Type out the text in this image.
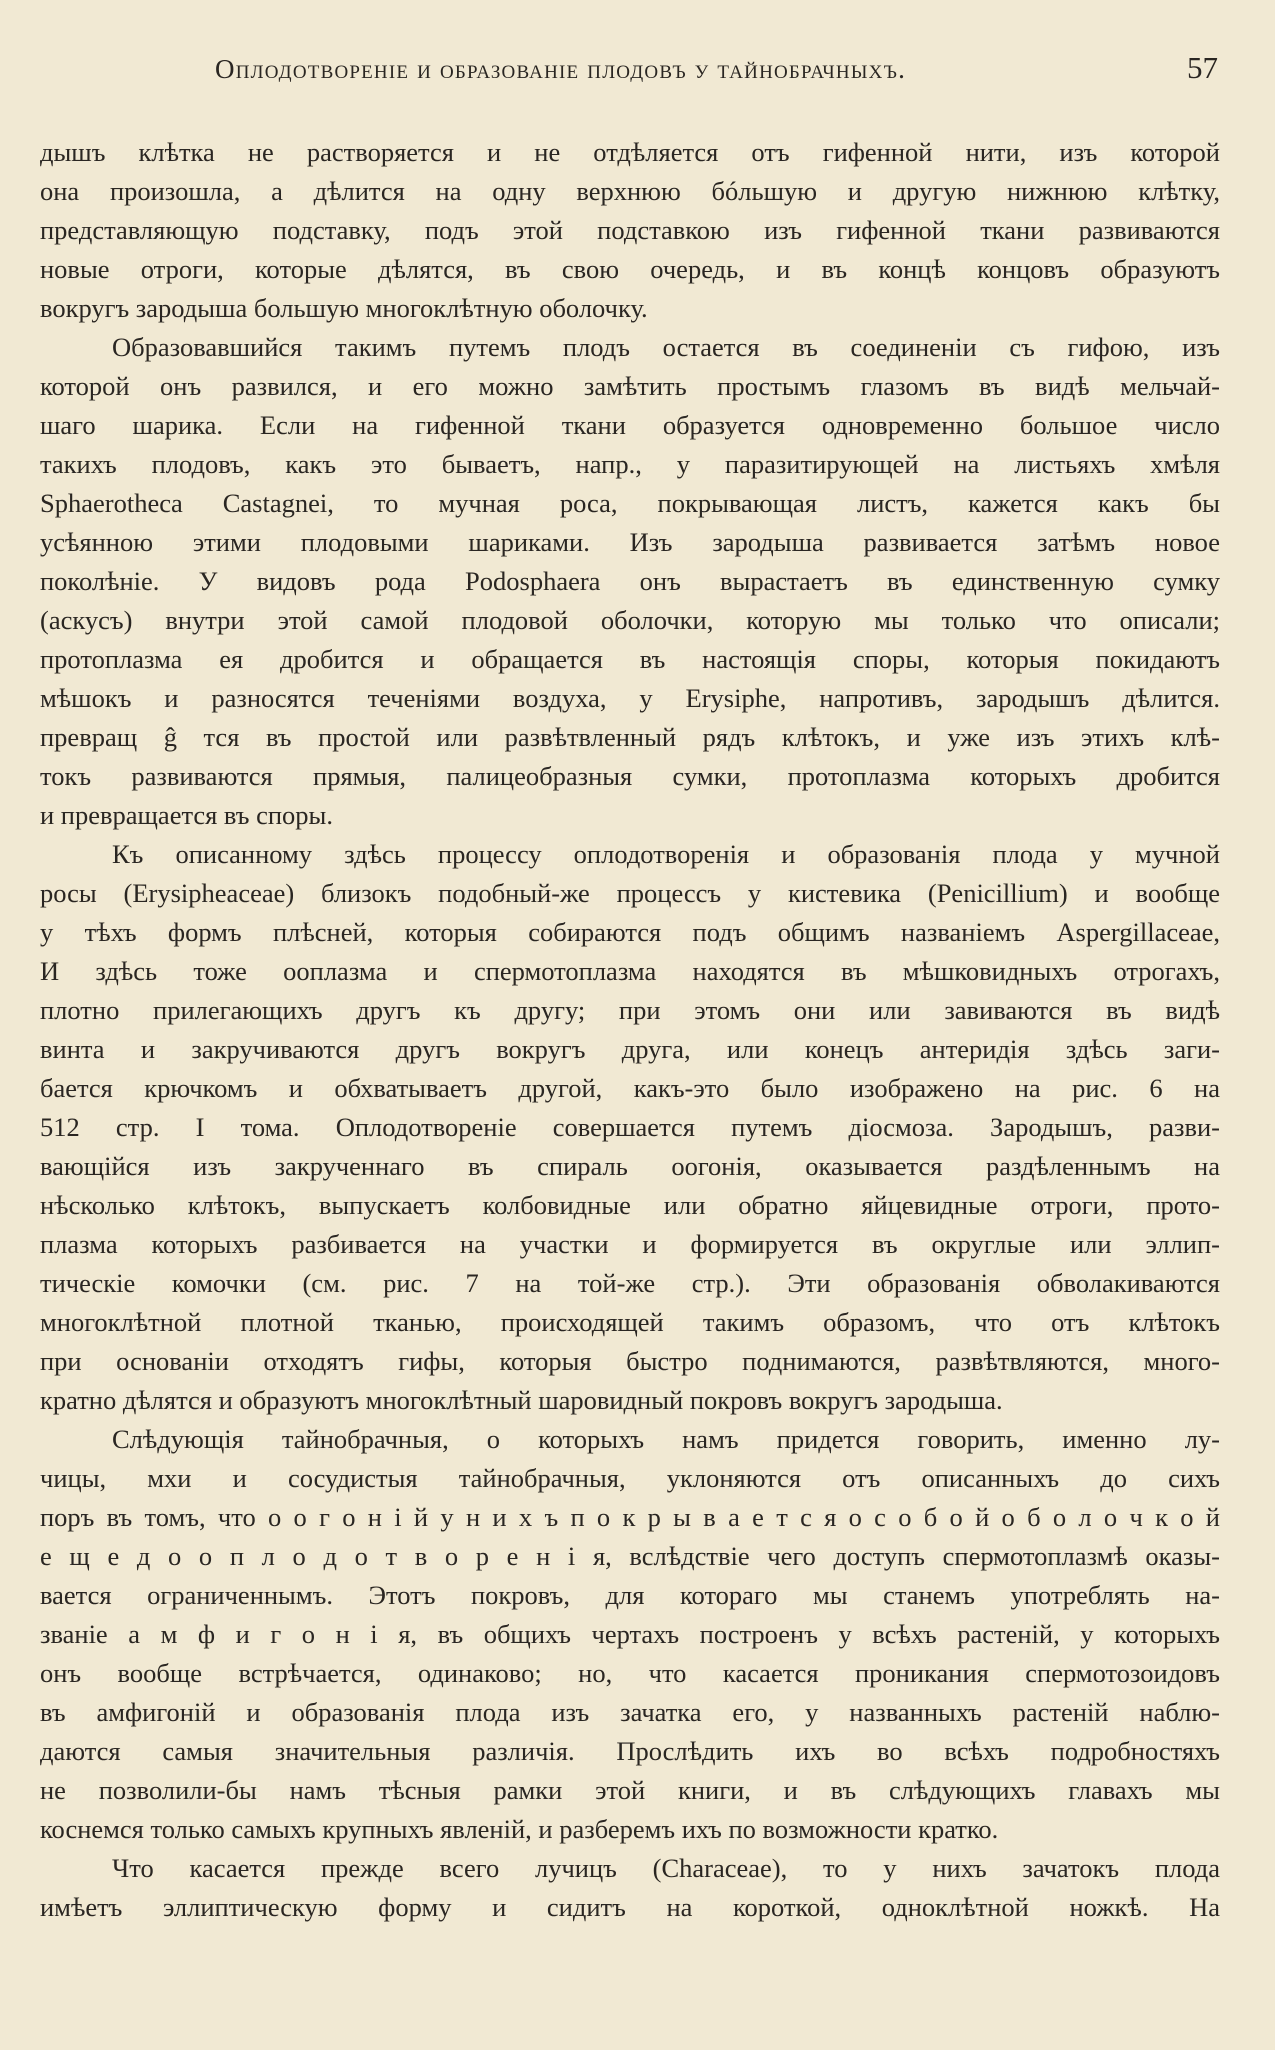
Оплодотворенiе и образованiе плодовъ у тайнобрачныхъ.	57
дышъ клѣтка не растворяется и не отдѣляется отъ гифенной нити, изъ которой
она произошла, а дѣлится на одну верхнюю бóльшую и другую нижнюю клѣтку,
представляющую подставку, подъ этой подставкою изъ гифенной ткани развиваются
новые отроги, которые дѣлятся, въ свою очередь, и въ концѣ концовъ образуютъ
вокругъ зародыша большую многоклѣтную оболочку.
Образовавшийся такимъ путемъ плодъ остается въ соединенiи съ гифою, изъ
которой онъ развился, и его можно замѣтить простымъ глазомъ въ видѣ мельчай-
шаго шарика. Если на гифенной ткани образуется одновременно большое число
такихъ плодовъ, какъ это бываетъ, напр., у паразитирующей на листьяхъ хмѣля
Sphaerotheca Castagnei, то мучная роса, покрывающая листъ, кажется какъ бы
усѣянною этими плодовыми шариками. Изъ зародыша развивается затѣмъ новое
поколѣнiе. У видовъ рода Podosphaera онъ вырастаетъ въ единственную сумку
(аскусъ) внутри этой самой плодовой оболочки, которую мы только что описали;
протоплазма ея дробится и обращается въ настоящiя споры, которыя покидаютъ
мѣшокъ и разносятся теченiями воздуха, у Erysiphe, напротивъ, зародышъ дѣлится.
превращ ĝ тся въ простой или развѣтвленный рядъ клѣтокъ, и уже изъ этихъ клѣ-
токъ развиваются прямыя, палицеобразныя сумки, протоплазма которыхъ дробится
и превращается въ споры.
Къ описанному здѣсь процессу оплодотворенiя и образованiя плода у мучной
росы (Erysipheaceae) близокъ подобный-же процессъ у кистевика (Penicillium) и вообще
у тѣхъ формъ плѣсней, которыя собираются подъ общимъ названiемъ Aspergillaceae,
И здѣсь тоже ооплазма и спермотоплазма находятся въ мѣшковидныхъ отрогахъ,
плотно прилегающихъ другъ къ другу; при этомъ они или завиваются въ видѣ
винта и закручиваются другъ вокругъ друга, или конецъ антеридiя здѣсь заги-
бается крючкомъ и обхватываетъ другой, какъ-это было изображено на рис. 6 на
512 стр. I тома. Оплодотворенiе совершается путемъ дiосмоза. Зародышъ, разви-
вающiйся изъ закрученнаго въ спираль оогонiя, оказывается раздѣленнымъ на
нѣсколько клѣтокъ, выпускаетъ колбовидные или обратно яйцевидные отроги, прото-
плазма которыхъ разбивается на участки и формируется въ округлые или эллип-
тическiе комочки (см. рис. 7 на той-же стр.). Эти образованiя обволакиваются
многоклѣтной плотной тканью, происходящей такимъ образомъ, что отъ клѣтокъ
при основанiи отходятъ гифы, которыя быстро поднимаются, развѣтвляются, много-
кратно дѣлятся и образуютъ многоклѣтный шаровидный покровъ вокругъ зародыша.
Слѣдующiя тайнобрачныя, о которыхъ намъ придется говорить, именно лу-
чицы, мхи и сосудистыя тайнобрачныя, уклоняются отъ описанныхъ до сихъ
поръ въ томъ, что о о г о н i й у н и х ъ п о к р ы в а е т с я о с о б о й о б о л о ч к о й
е щ е д о о п л о д о т в о р е н i я, вслѣдствiе чего доступъ спермотоплазмѣ оказы-
вается ограниченнымъ. Этотъ покровъ, для котораго мы станемъ употреблять на-
званiе а м ф и г о н i я, въ общихъ чертахъ построенъ у всѣхъ растенiй, у которыхъ
онъ вообще встрѣчается, одинаково; но, что касается проникания спермотозоидовъ
въ амфигонiй и образованiя плода изъ зачатка его, у названныхъ растенiй наблю-
даются самыя значительныя различiя. Прослѣдить ихъ во всѣхъ подробностяхъ
не позволили-бы намъ тѣсныя рамки этой книги, и въ слѣдующихъ главахъ мы
коснемся только самыхъ крупныхъ явленiй, и разберемъ ихъ по возможности кратко.
Что касается прежде всего лучицъ (Characeae), то у нихъ зачатокъ плода
имѣетъ эллиптическую форму и сидитъ на короткой, одноклѣтной ножкѣ. На
